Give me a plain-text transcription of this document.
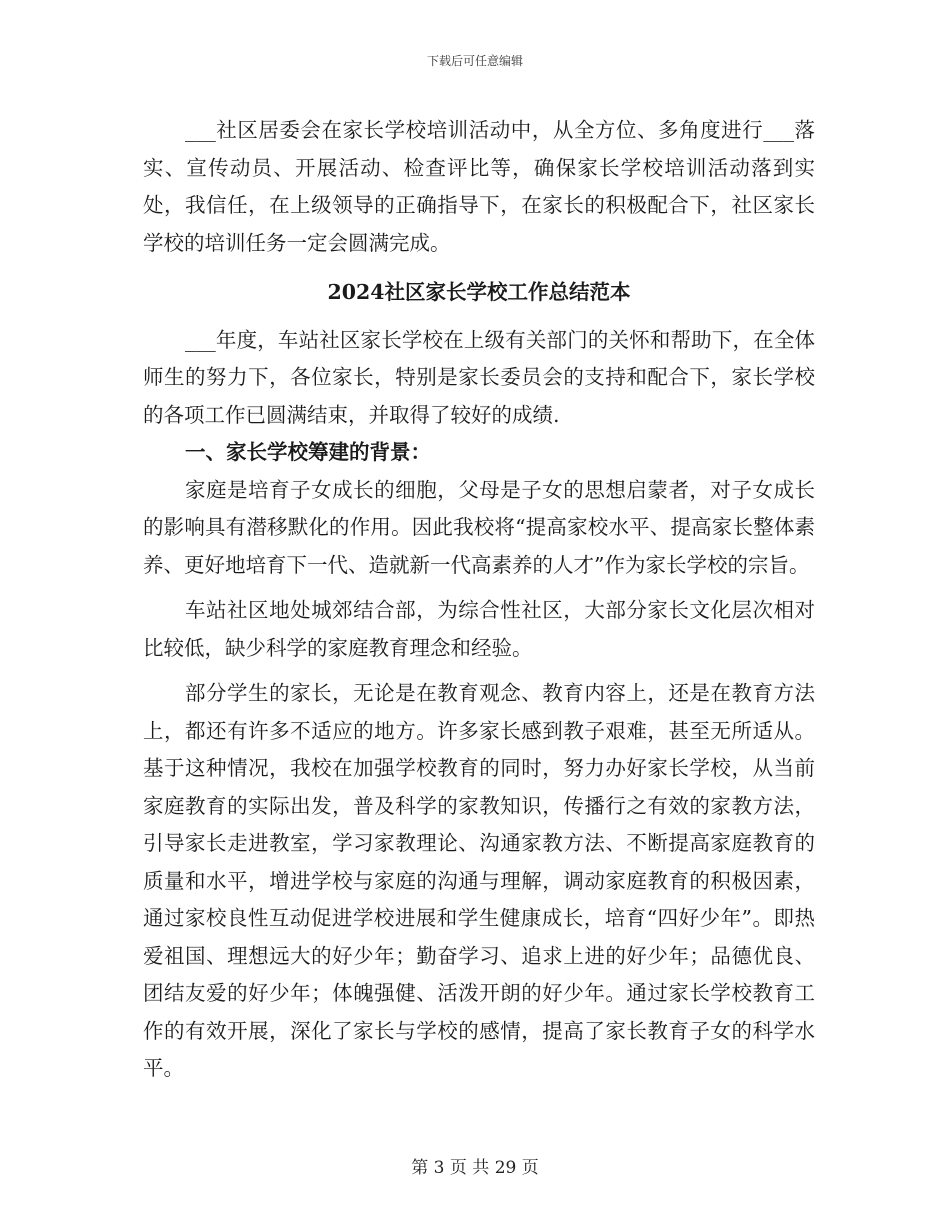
下载后可任意编辑

___社区居委会在家长学校培训活动中，从全方位、多角度进行___落实、宣传动员、开展活动、检查评比等，确保家长学校培训活动落到实处，我信任，在上级领导的正确指导下，在家长的积极配合下，社区家长学校的培训任务一定会圆满完成。

2024社区家长学校工作总结范本

___年度，车站社区家长学校在上级有关部门的关怀和帮助下，在全体师生的努力下，各位家长，特别是家长委员会的支持和配合下，家长学校的各项工作已圆满结束，并取得了较好的成绩.

一、家长学校筹建的背景：

家庭是培育子女成长的细胞，父母是子女的思想启蒙者，对子女成长的影响具有潜移默化的作用。因此我校将“提高家校水平、提高家长整体素养、更好地培育下一代、造就新一代高素养的人才”作为家长学校的宗旨。

车站社区地处城郊结合部，为综合性社区，大部分家长文化层次相对比较低，缺少科学的家庭教育理念和经验。

部分学生的家长，无论是在教育观念、教育内容上，还是在教育方法上，都还有许多不适应的地方。许多家长感到教子艰难，甚至无所适从。基于这种情况，我校在加强学校教育的同时，努力办好家长学校，从当前家庭教育的实际出发，普及科学的家教知识，传播行之有效的家教方法，引导家长走进教室，学习家教理论、沟通家教方法、不断提高家庭教育的质量和水平，增进学校与家庭的沟通与理解，调动家庭教育的积极因素，通过家校良性互动促进学校进展和学生健康成长，培育“四好少年”。即热爱祖国、理想远大的好少年；勤奋学习、追求上进的好少年；品德优良、团结友爱的好少年；体魄强健、活泼开朗的好少年。通过家长学校教育工作的有效开展，深化了家长与学校的感情，提高了家长教育子女的科学水平。

第 3 页 共 29 页
